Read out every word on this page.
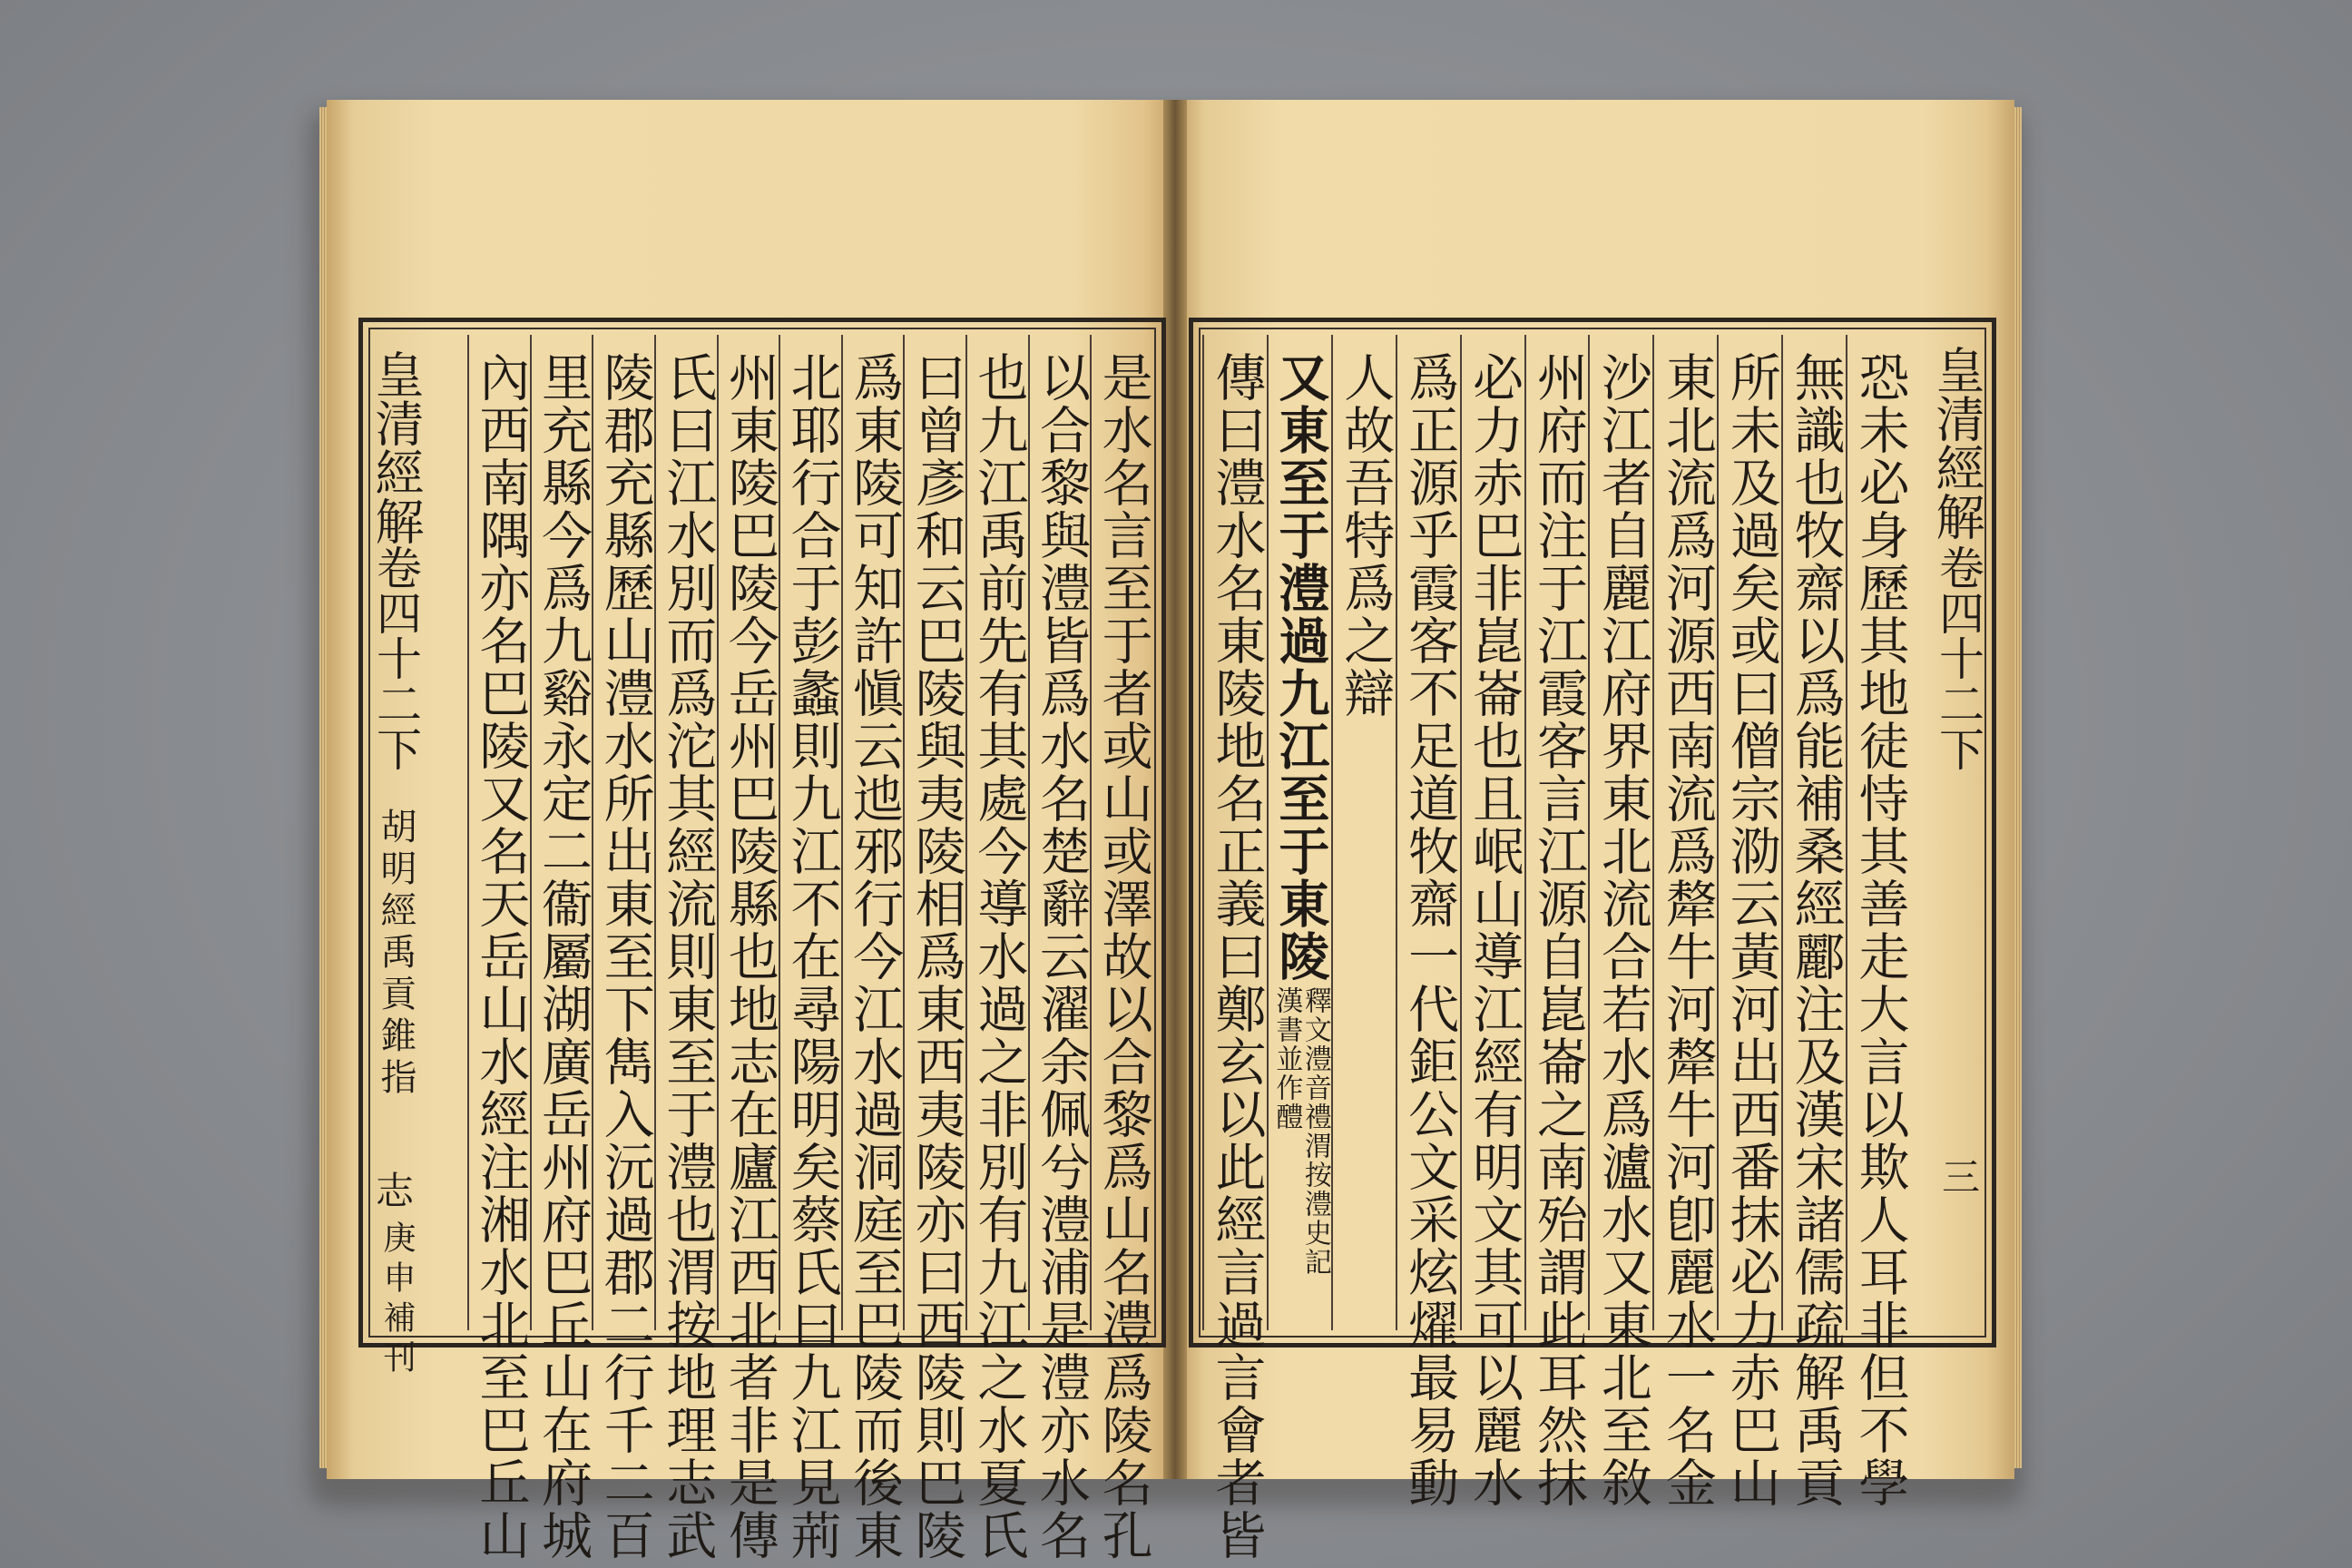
是水名言至于者或山或澤故以合黎爲山名澧爲陵名孔
以合黎與澧皆爲水名楚辭云濯余佩兮澧浦是澧亦水名
也九江禹前先有其處今導水過之非別有九江之水夏氏
曰曾彥和云巴陵與夷陵相爲東西夷陵亦曰西陵則巴陵
爲東陵可知許愼云迆邪行今江水過洞庭至巴陵而後東
北耶行合于彭蠡則九江不在尋陽明矣蔡氏曰九江見荊
州東陵巴陵今岳州巴陵縣也地志在廬江西北者非是傳
氏曰江水別而爲沱其經流則東至于澧也渭按地理志武
陵郡充縣歷山澧水所出東至下雋入沅過郡二行千二百
里充縣今爲九谿永定二衞屬湖廣岳州府巴丘山在府城
內西南隅亦名巴陵又名天岳山水經注湘水北至巴丘山
皇清經解
卷四十二下
胡明經禹貢錐指
志
庚申補刊	恐未必身歷其地徒恃其善走大言以欺人耳非但不學
無識也牧齋以爲能補桑經酈注及漢宋諸儒疏解禹貢
所未及過矣或曰僧宗泐云黃河出西番抹必力赤巴山
東北流爲河源西南流爲犛牛河犛牛河卽麗水一名金
沙江者自麗江府界東北流合若水爲瀘水又東北至敘
州府而注于江霞客言江源自崑崙之南殆謂此耳然抹
必力赤巴非崑崙也且岷山導江經有明文其可以麗水
爲正源乎霞客不足道牧齋一代鉅公文采炫燿最易動
人故吾特爲之辯
又東至于澧過九江至于東陵
釋文澧音禮渭按澧史記漢書並作醴
傳曰澧水名東陵地名正義曰鄭玄以此經言過言會者皆	皇清經解
卷四十二下
三
